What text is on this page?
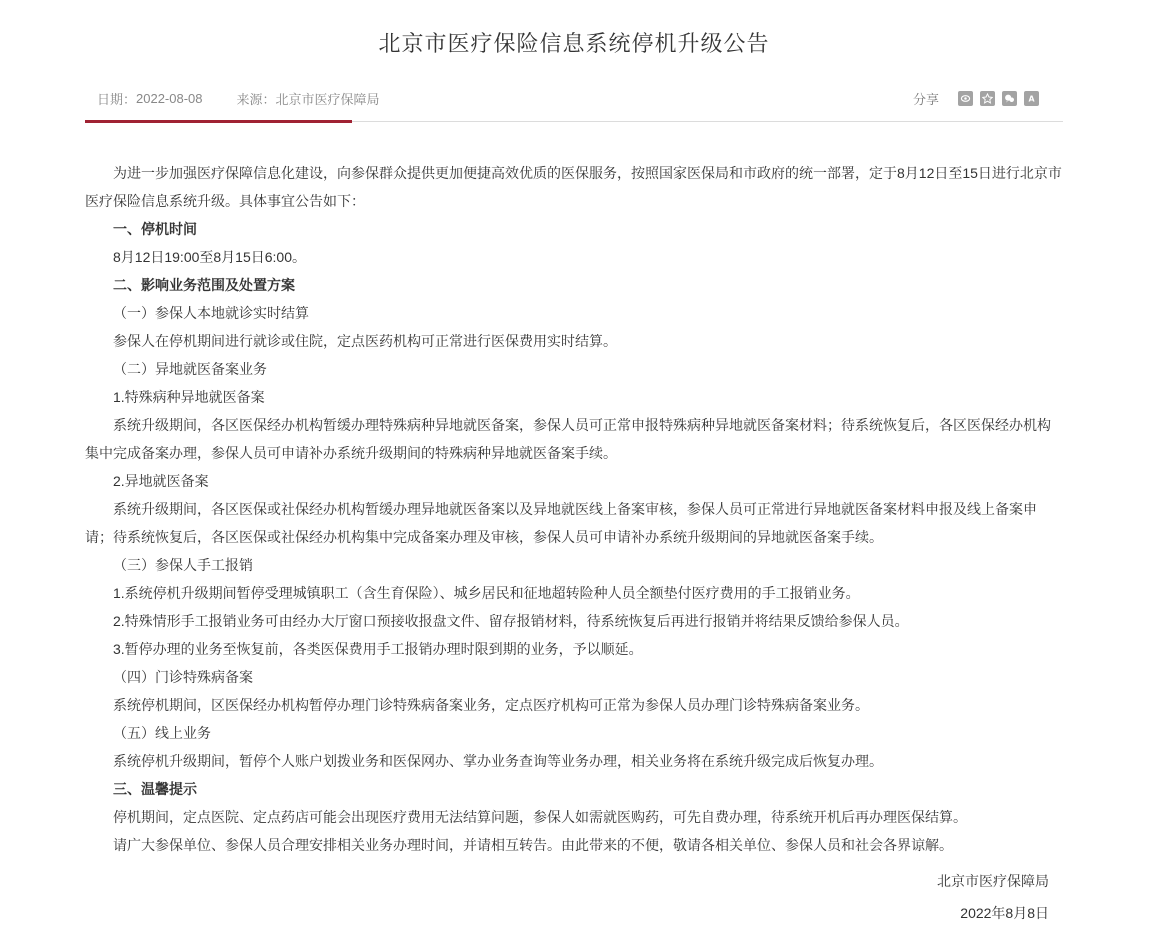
北京市医疗保险信息系统停机升级公告
日期： 2022-08-08	来源： 北京市医疗保障局	分享	A

为进一步加强医疗保障信息化建设，向参保群众提供更加便捷高效优质的医保服务，按照国家医保局和市政府的统一部署，定于8月12日至15日进行北京市医疗保险信息系统升级。具体事宜公告如下：

一、停机时间

8月12日19:00至8月15日6:00。

二、影响业务范围及处置方案

（一）参保人本地就诊实时结算

参保人在停机期间进行就诊或住院，定点医药机构可正常进行医保费用实时结算。

（二）异地就医备案业务

1.特殊病种异地就医备案

系统升级期间，各区医保经办机构暂缓办理特殊病种异地就医备案，参保人员可正常申报特殊病种异地就医备案材料；待系统恢复后，各区医保经办机构集中完成备案办理，参保人员可申请补办系统升级期间的特殊病种异地就医备案手续。

2.异地就医备案

系统升级期间，各区医保或社保经办机构暂缓办理异地就医备案以及异地就医线上备案审核，参保人员可正常进行异地就医备案材料申报及线上备案申请；待系统恢复后，各区医保或社保经办机构集中完成备案办理及审核，参保人员可申请补办系统升级期间的异地就医备案手续。

（三）参保人手工报销

1.系统停机升级期间暂停受理城镇职工（含生育保险）、城乡居民和征地超转险种人员全额垫付医疗费用的手工报销业务。

2.特殊情形手工报销业务可由经办大厅窗口预接收报盘文件、留存报销材料，待系统恢复后再进行报销并将结果反馈给参保人员。

3.暂停办理的业务至恢复前，各类医保费用手工报销办理时限到期的业务，予以顺延。

（四）门诊特殊病备案

系统停机期间，区医保经办机构暂停办理门诊特殊病备案业务，定点医疗机构可正常为参保人员办理门诊特殊病备案业务。

（五）线上业务

系统停机升级期间，暂停个人账户划拨业务和医保网办、掌办业务查询等业务办理，相关业务将在系统升级完成后恢复办理。

三、温馨提示

停机期间，定点医院、定点药店可能会出现医疗费用无法结算问题，参保人如需就医购药，可先自费办理，待系统开机后再办理医保结算。

请广大参保单位、参保人员合理安排相关业务办理时间，并请相互转告。由此带来的不便，敬请各相关单位、参保人员和社会各界谅解。

北京市医疗保障局
2022年8月8日
